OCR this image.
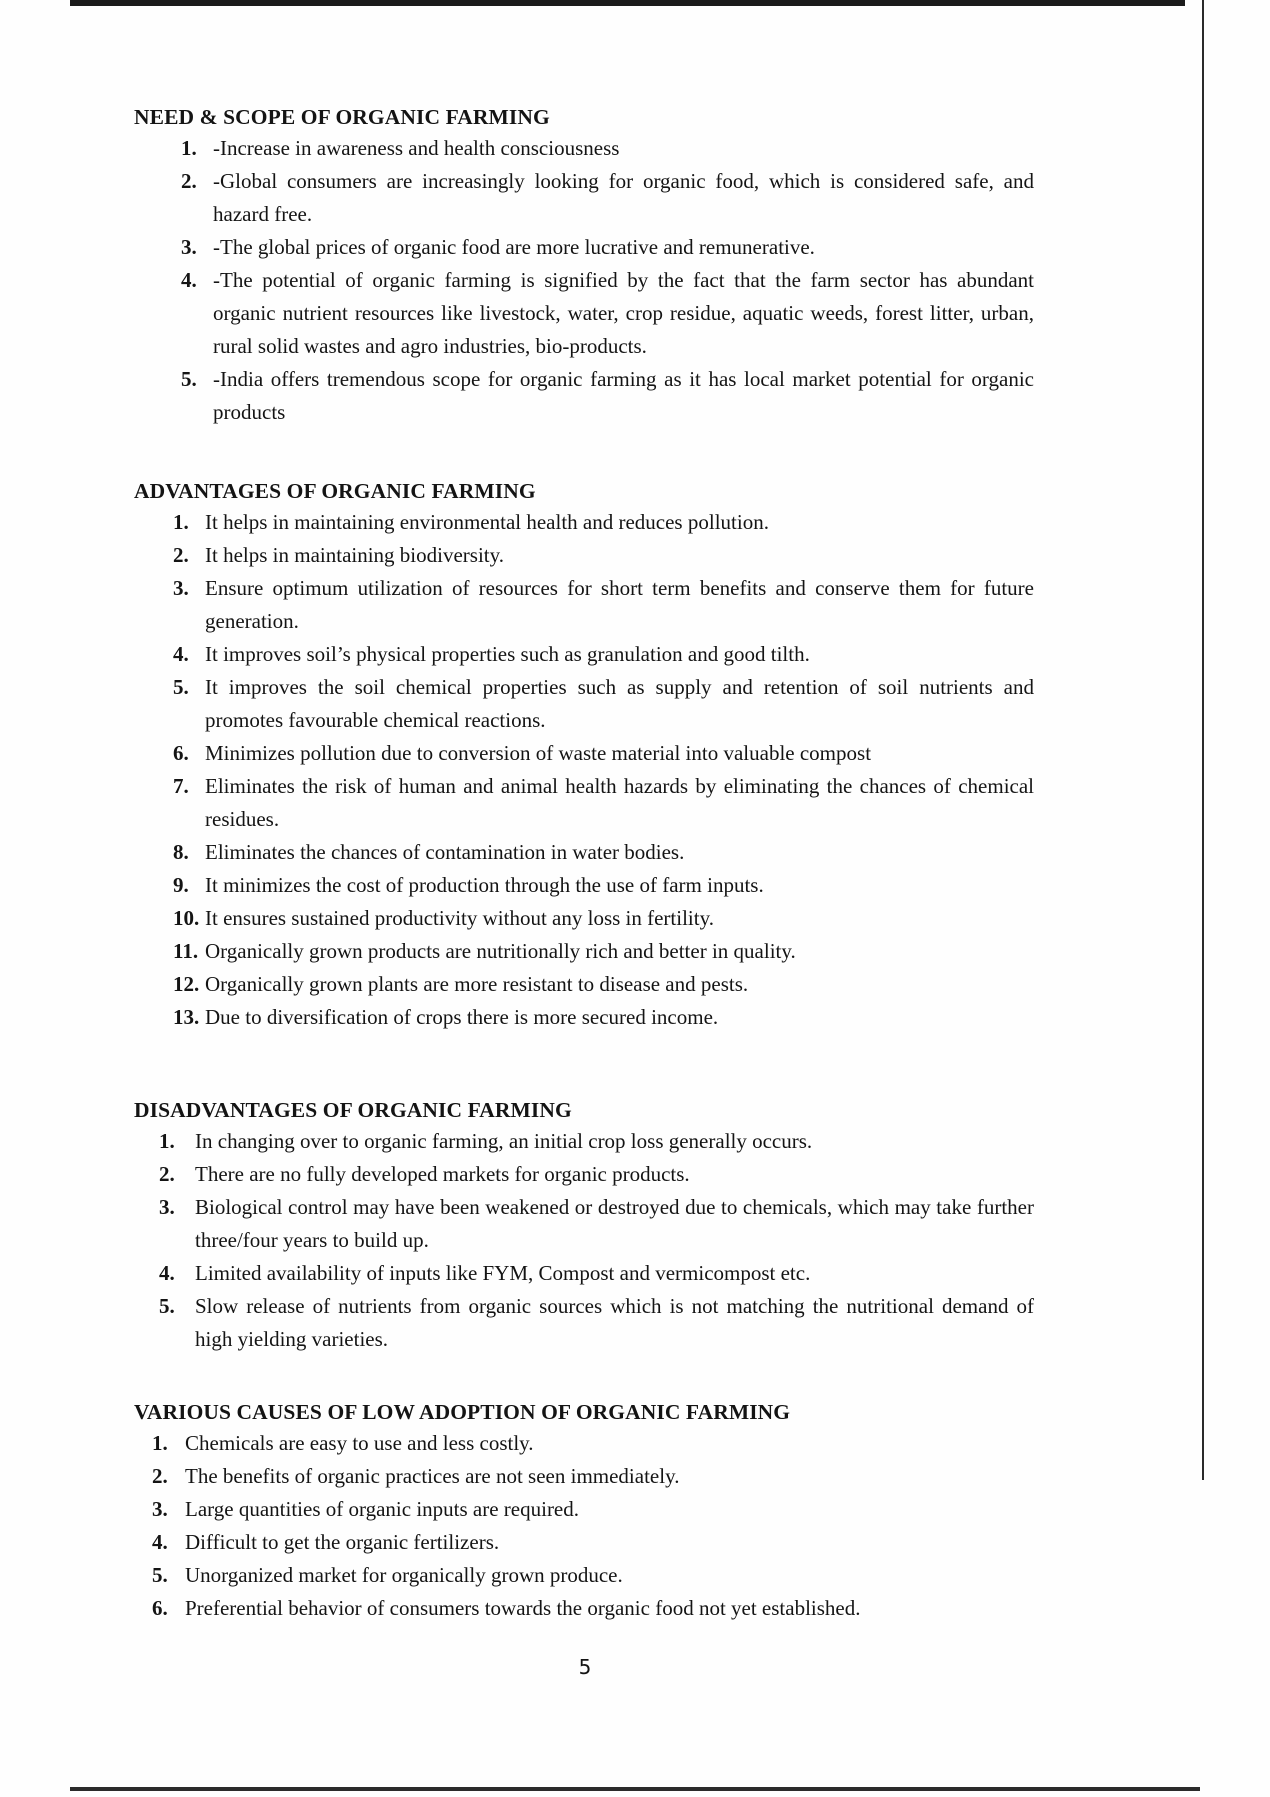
NEED & SCOPE OF ORGANIC FARMING
1. -Increase in awareness and health consciousness
2. -Global consumers are increasingly looking for organic food, which is considered safe, and hazard free.
3. -The global prices of organic food are more lucrative and remunerative.
4. -The potential of organic farming is signified by the fact that the farm sector has abundant organic nutrient resources like livestock, water, crop residue, aquatic weeds, forest litter, urban, rural solid wastes and agro industries, bio-products.
5. -India offers tremendous scope for organic farming as it has local market potential for organic products
ADVANTAGES OF ORGANIC FARMING
1. It helps in maintaining environmental health and reduces pollution.
2. It helps in maintaining biodiversity.
3. Ensure optimum utilization of resources for short term benefits and conserve them for future generation.
4. It improves soil’s physical properties such as granulation and good tilth.
5. It improves the soil chemical properties such as supply and retention of soil nutrients and promotes favourable chemical reactions.
6. Minimizes pollution due to conversion of waste material into valuable compost
7. Eliminates the risk of human and animal health hazards by eliminating the chances of chemical residues.
8. Eliminates the chances of contamination in water bodies.
9. It minimizes the cost of production through the use of farm inputs.
10. It ensures sustained productivity without any loss in fertility.
11. Organically grown products are nutritionally rich and better in quality.
12. Organically grown plants are more resistant to disease and pests.
13. Due to diversification of crops there is more secured income.
DISADVANTAGES OF ORGANIC FARMING
1. In changing over to organic farming, an initial crop loss generally occurs.
2. There are no fully developed markets for organic products.
3. Biological control may have been weakened or destroyed due to chemicals, which may take further three/four years to build up.
4. Limited availability of inputs like FYM, Compost and vermicompost etc.
5. Slow release of nutrients from organic sources which is not matching the nutritional demand of high yielding varieties.
VARIOUS CAUSES OF LOW ADOPTION OF ORGANIC FARMING
1. Chemicals are easy to use and less costly.
2. The benefits of organic practices are not seen immediately.
3. Large quantities of organic inputs are required.
4. Difficult to get the organic fertilizers.
5. Unorganized market for organically grown produce.
6. Preferential behavior of consumers towards the organic food not yet established.
5
